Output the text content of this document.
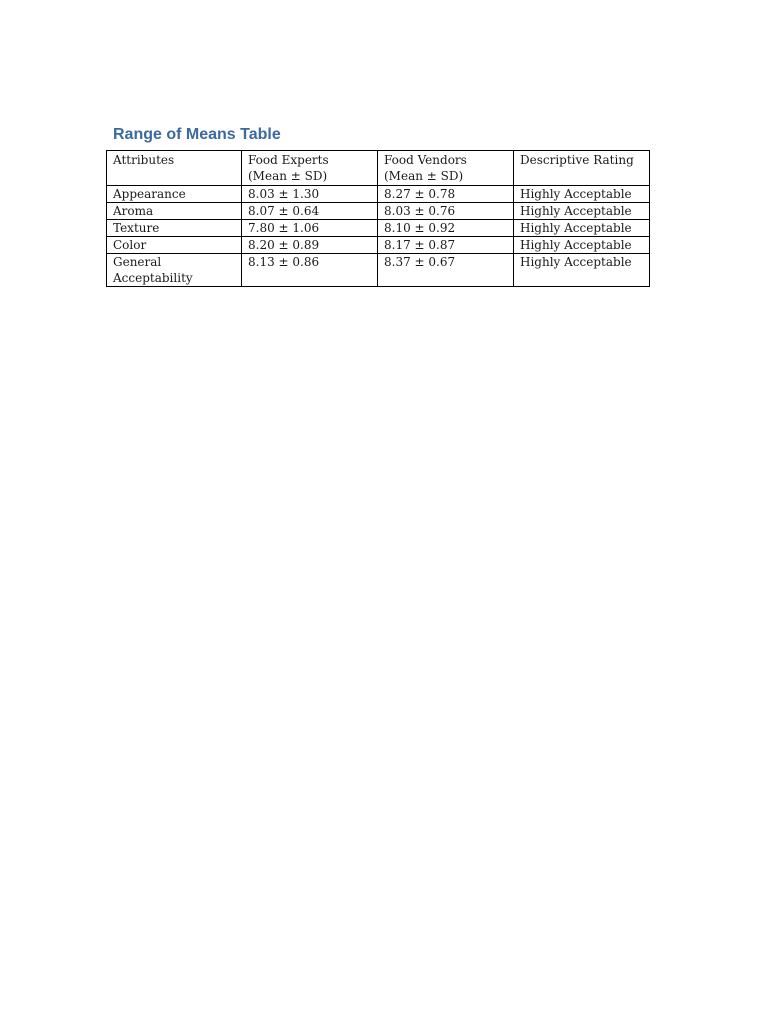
Range of Means Table
Attributes	Food Experts (Mean ± SD)	Food Vendors (Mean ± SD)	Descriptive Rating
Appearance	8.03 ± 1.30	8.27 ± 0.78	Highly Acceptable
Aroma	8.07 ± 0.64	8.03 ± 0.76	Highly Acceptable
Texture	7.80 ± 1.06	8.10 ± 0.92	Highly Acceptable
Color	8.20 ± 0.89	8.17 ± 0.87	Highly Acceptable
General Acceptability	8.13 ± 0.86	8.37 ± 0.67	Highly Acceptable
